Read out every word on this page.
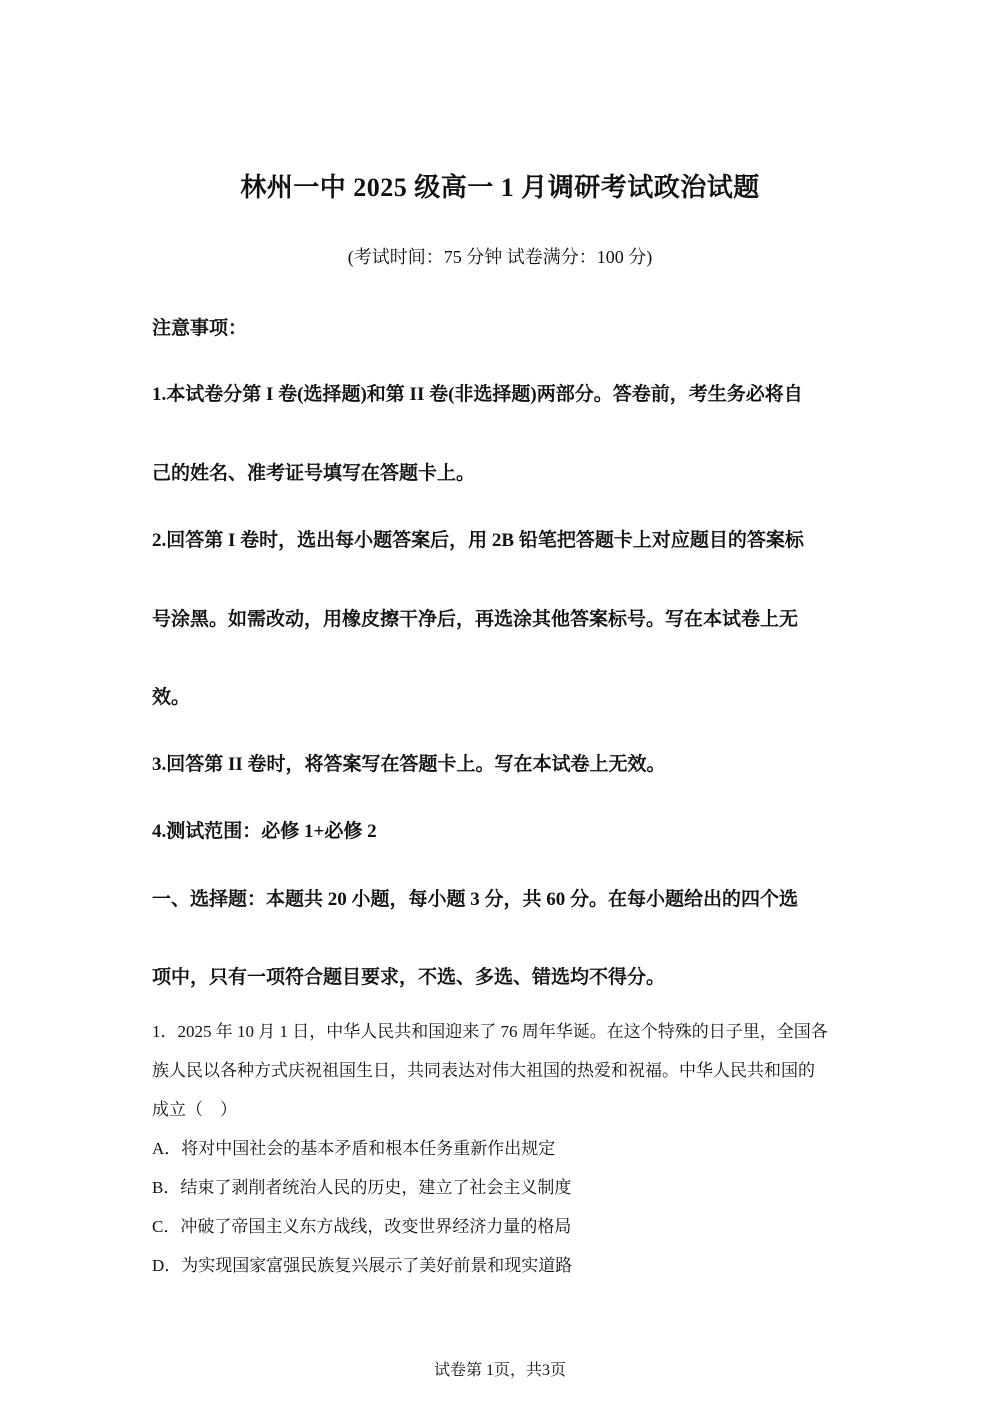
林州一中 2025 级高一 1 月调研考试政治试题
(考试时间：75 分钟 试卷满分：100 分)
注意事项：
1.本试卷分第 I 卷(选择题)和第 II 卷(非选择题)两部分。答卷前，考生务必将自
己的姓名、准考证号填写在答题卡上。
2.回答第 I 卷时，选出每小题答案后，用 2B 铅笔把答题卡上对应题目的答案标
号涂黑。如需改动，用橡皮擦干净后，再选涂其他答案标号。写在本试卷上无
效。
3.回答第 II 卷时，将答案写在答题卡上。写在本试卷上无效。
4.测试范围：必修 1+必修 2
一、选择题：本题共 20 小题，每小题 3 分，共 60 分。在每小题给出的四个选
项中，只有一项符合题目要求，不选、多选、错选均不得分。
1．2025 年 10 月 1 日，中华人民共和国迎来了 76 周年华诞。在这个特殊的日子里，全国各
族人民以各种方式庆祝祖国生日，共同表达对伟大祖国的热爱和祝福。中华人民共和国的
成立（　）
A．将对中国社会的基本矛盾和根本任务重新作出规定
B．结束了剥削者统治人民的历史，建立了社会主义制度
C．冲破了帝国主义东方战线，改变世界经济力量的格局
D．为实现国家富强民族复兴展示了美好前景和现实道路
试卷第 1页，共3页
